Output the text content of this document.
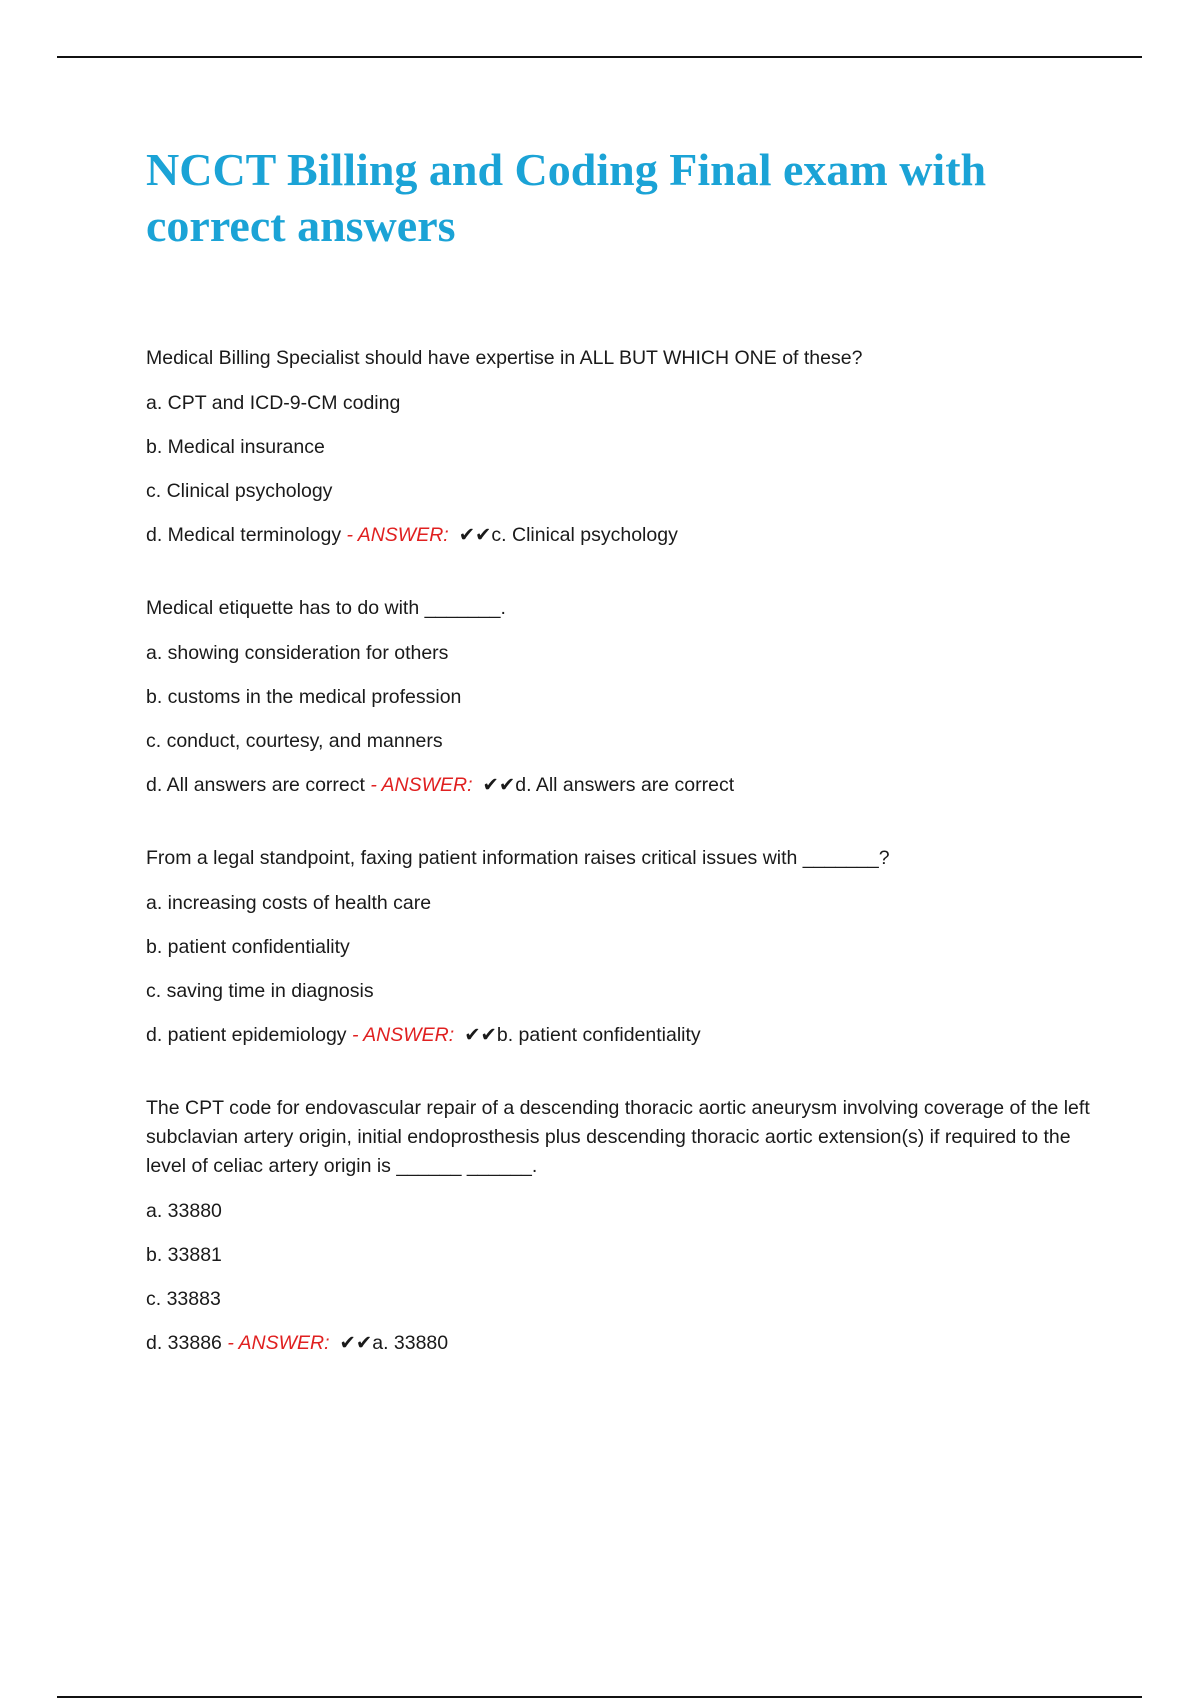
NCCT Billing and Coding Final exam with correct answers

Medical Billing Specialist should have expertise in ALL BUT WHICH ONE of these?

a. CPT and ICD-9-CM coding

b. Medical insurance

c. Clinical psychology

d. Medical terminology - ANSWER: ✔✔c. Clinical psychology

Medical etiquette has to do with _______.

a. showing consideration for others

b. customs in the medical profession

c. conduct, courtesy, and manners

d. All answers are correct - ANSWER: ✔✔d. All answers are correct

From a legal standpoint, faxing patient information raises critical issues with _______?

a. increasing costs of health care

b. patient confidentiality

c. saving time in diagnosis

d. patient epidemiology - ANSWER: ✔✔b. patient confidentiality

The CPT code for endovascular repair of a descending thoracic aortic aneurysm involving coverage of the left subclavian artery origin, initial endoprosthesis plus descending thoracic aortic extension(s) if required to the level of celiac artery origin is ______ ______.

a. 33880

b. 33881

c. 33883

d. 33886 - ANSWER: ✔✔a. 33880
